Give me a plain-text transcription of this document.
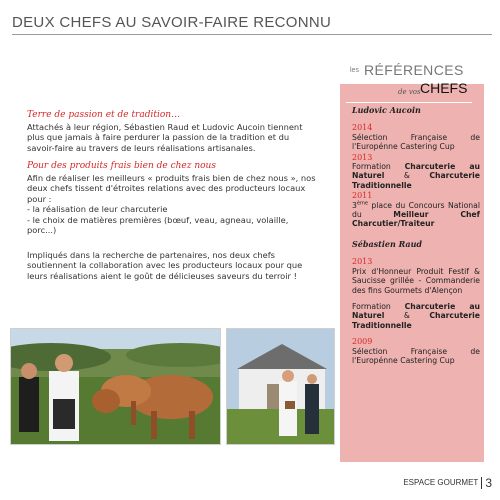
DEUX CHEFS AU SAVOIR-FAIRE RECONNU
Terre de passion et de tradition…

Attachés à leur région, Sébastien Raud et Ludovic Aucoin tiennent plus que jamais à faire perdurer la passion de la tradition et du savoir-faire au travers de leurs réalisations artisanales.

Pour des produits frais bien de chez nous

Afin de réaliser les meilleurs « produits frais bien de chez nous », nos deux chefs tissent d'étroites relations avec des producteurs locaux pour :

- la réalisation de leur charcuterie
- le choix de matières premières (bœuf, veau, agneau, volaille, porc...)

Impliqués dans la recherche de partenaires, nos deux chefs soutiennent la collaboration avec les producteurs locaux pour que leurs réalisations aient le goût de délicieuses saveurs du terroir !

les RÉFÉRENCES
de vos CHEFS
Ludovic Aucoin
2014
Sélection Française de l'Europénne Castering Cup
2013
Formation Charcuterie au Naturel & Charcuterie Traditionnelle
2011
3ème place du Concours National du Meilleur Chef Charcutier/Traiteur
Sébastien Raud
2013
Prix d'Honneur Produit Festif & Saucisse grillée - Commanderie des fins Gourmets d'Alençon
Formation Charcuterie au Naturel & Charcuterie Traditionnelle
2009
Sélection Française de l'Europénne Castering Cup
ESPACE GOURMET 3
